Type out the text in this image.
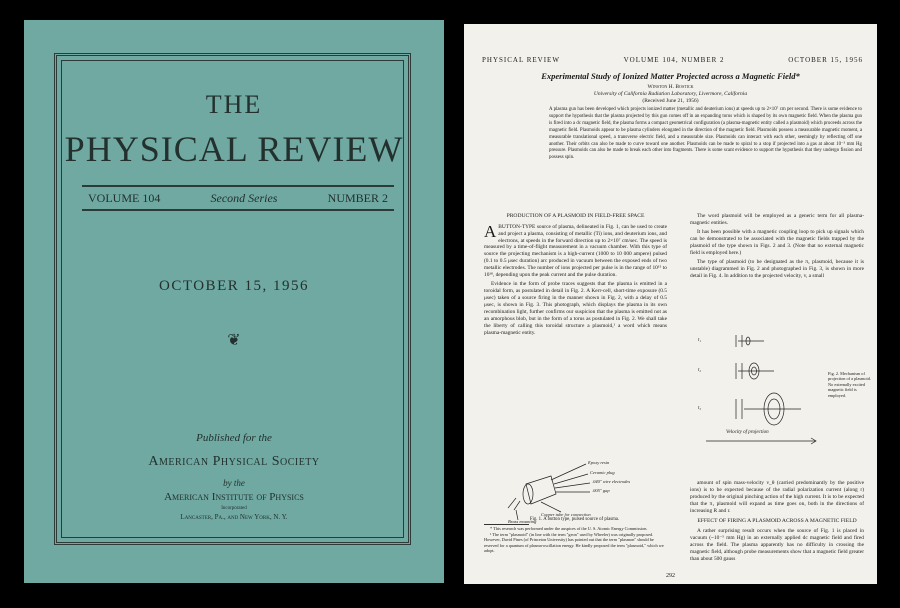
THE
PHYSICAL REVIEW
VOLUME 104	Second Series	NUMBER 2
OCTOBER 15, 1956
❦
Published for the
American Physical Society
by the
American Institute of Physics
Incorporated
Lancaster, Pa., and New York, N. Y.
PHYSICAL REVIEW	VOLUME 104, NUMBER 2	OCTOBER 15, 1956
Experimental Study of Ionized Matter Projected across a Magnetic Field*
Winston H. Bostick
University of California Radiation Laboratory, Livermore, California
(Received June 21, 1956)

A plasma gun has been developed which projects ionized matter (metallic and deuterium ions) at speeds up to 2×10⁷ cm per second. There is some evidence to support the hypothesis that the plasma projected by this gun comes off in an expanding torus which is shaped by its own magnetic field. When the plasma gun is fired into a dc magnetic field, the plasma forms a compact geometrical configuration (a plasma-magnetic entity called a plasmoid) which proceeds across the magnetic field. Plasmoids appear to be plasma cylinders elongated in the direction of the magnetic field. Plasmoids possess a measurable magnetic moment, a measurable translational speed, a transverse electric field, and a measurable size. Plasmoids can interact with each other, seemingly by reflecting off one another. Their orbits can also be made to curve toward one another. Plasmoids can be made to spiral to a stop if projected into a gas at about 10⁻³ mm Hg pressure. Plasmoids can also be made to break each other into fragments. There is some scant evidence to support the hypothesis that they undergo fission and possess spin.

PRODUCTION OF A PLASMOID IN FIELD-FREE SPACE

ABUTTON-TYPE source of plasma, delineated in Fig. 1, can be used to create and project a plasma, consisting of metallic (Ti) ions, and deuterium ions, and electrons, at speeds in the forward direction up to 2×10⁷ cm/sec. The speed is measured by a time-of-flight measurement in a vacuum chamber. With this type of source the projecting mechanism is a high-current (1000 to 10 000 ampere) pulsed (0.1 to 0.5 μsec duration) arc produced in vacuum between the exposed ends of two metallic electrodes. The number of ions projected per pulse is in the range of 10¹⁵ to 10¹⁸, depending upon the peak current and the pulse duration.

Evidence in the form of probe traces suggests that the plasma is emitted in a toroidal form, as postulated in detail in Fig. 2. A Kerr-cell, short-time exposure (0.5 μsec) taken of a source firing in the manner shown in Fig. 2, with a delay of 0.5 μsec, is shown in Fig. 3. This photograph, which displays the plasma in its own recombination light, further confirms our suspicion that the plasma is emitted not as an amorphous blob, but in the form of a torus as postulated in Fig. 2. We shall take the liberty of calling this toroidal structure a plasmoid,¹ a word which means plasma-magnetic entity.

Epoxy resin
Ceramic plug
.040" wire electrodes
.005" gap
Copper tube for connection
Brass mounting
Fig. 1. A button type, pulsed source of plasma.

* This research was performed under the auspices of the U. S. Atomic Energy Commission.

¹ The term "plasmoid" (in line with the term "geon" used by Wheeler) was originally proposed. However, David Pines (of Princeton University) has pointed out that the term "plasmon" should be reserved for a quantum of plasma-oscillation energy. He kindly proposed the term "plasmoid," which we adopt.

The word plasmoid will be employed as a generic term for all plasma-magnetic entities.

It has been possible with a magnetic coupling loop to pick up signals which can be demonstrated to be associated with the magnetic fields trapped by the plasmoid of the type shown in Figs. 2 and 3. (Note that no external magnetic field is employed here.)

The type of plasmoid (to be designated as the π₁ plasmoid, because it is unstable) diagrammed in Fig. 2 and photographed in Fig. 3, is shown in more detail in Fig. 4. In addition to the projected velocity, v, a small

t₁
t₂
t₃
Fig. 2. Mechanism of projection of a plasmoid. No externally excited magnetic field is employed.
Velocity of projection

amount of spin mass-velocity v_θ (carried predominantly by the positive ions) is to be expected because of the radial polarization current (along r) produced by the original pinching action of the high current. It is to be expected that the π₁ plasmoid will expand as time goes on, both in the directions of increasing R and r.

EFFECT OF FIRING A PLASMOID ACROSS A MAGNETIC FIELD

A rather surprising result occurs when the source of Fig. 1 is placed in vacuum (~10⁻⁵ mm Hg) in an externally applied dc magnetic field and fired across the field. The plasma apparently has no difficulty in crossing the magnetic field, although probe measurements show that a magnetic field greater than about 500 gauss

292
